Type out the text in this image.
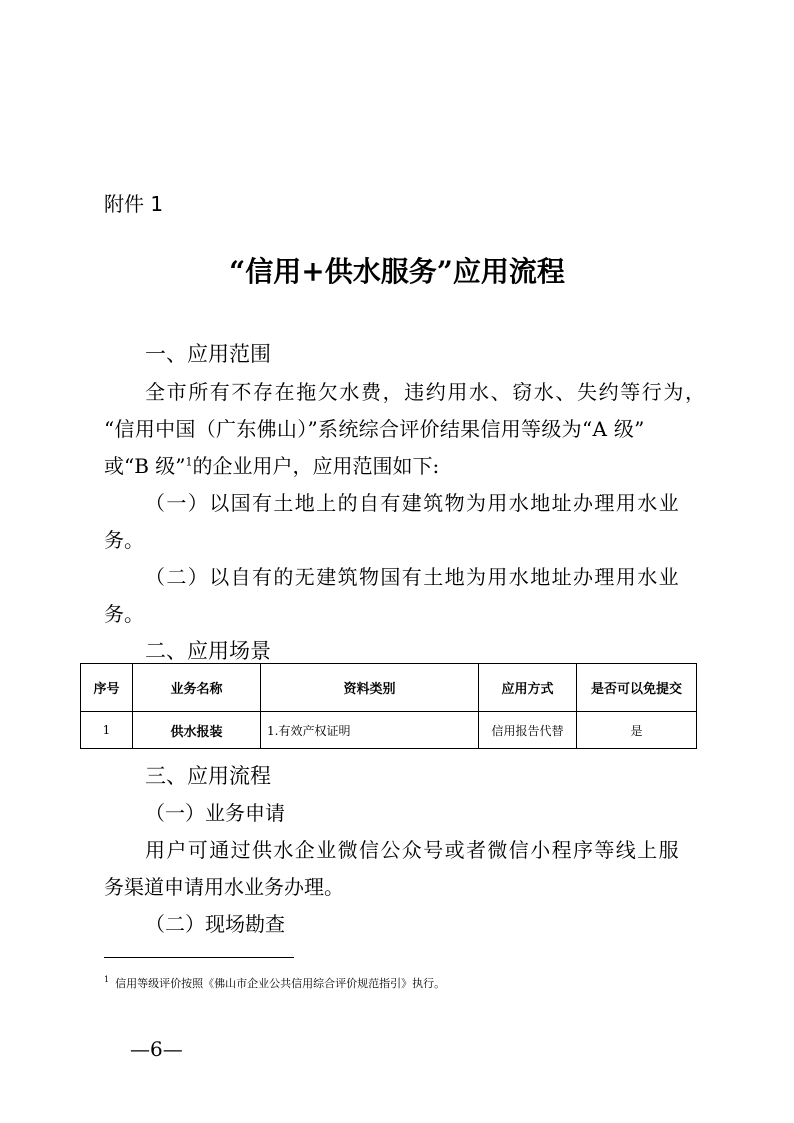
附件 1
“信用+供水服务”应用流程
一、应用范围
全市所有不存在拖欠水费，违约用水、窃水、失约等行为，
“信用中国（广东佛山）”系统综合评价结果信用等级为“A 级”
或“B 级”$^1$的企业用户，应用范围如下:
（一）以国有土地上的自有建筑物为用水地址办理用水业
务。
（二）以自有的无建筑物国有土地为用水地址办理用水业
务。
二、应用场景
序号	业务名称	资料类别	应用方式	是否可以免提交
1	供水报装	1.有效产权证明	信用报告代替	是
三、应用流程
（一）业务申请
用户可通过供水企业微信公众号或者微信小程序等线上服
务渠道申请用水业务办理。
（二）现场勘查
$^1$ 信用等级评价按照《佛山市企业公共信用综合评价规范指引》执行。
—6—
